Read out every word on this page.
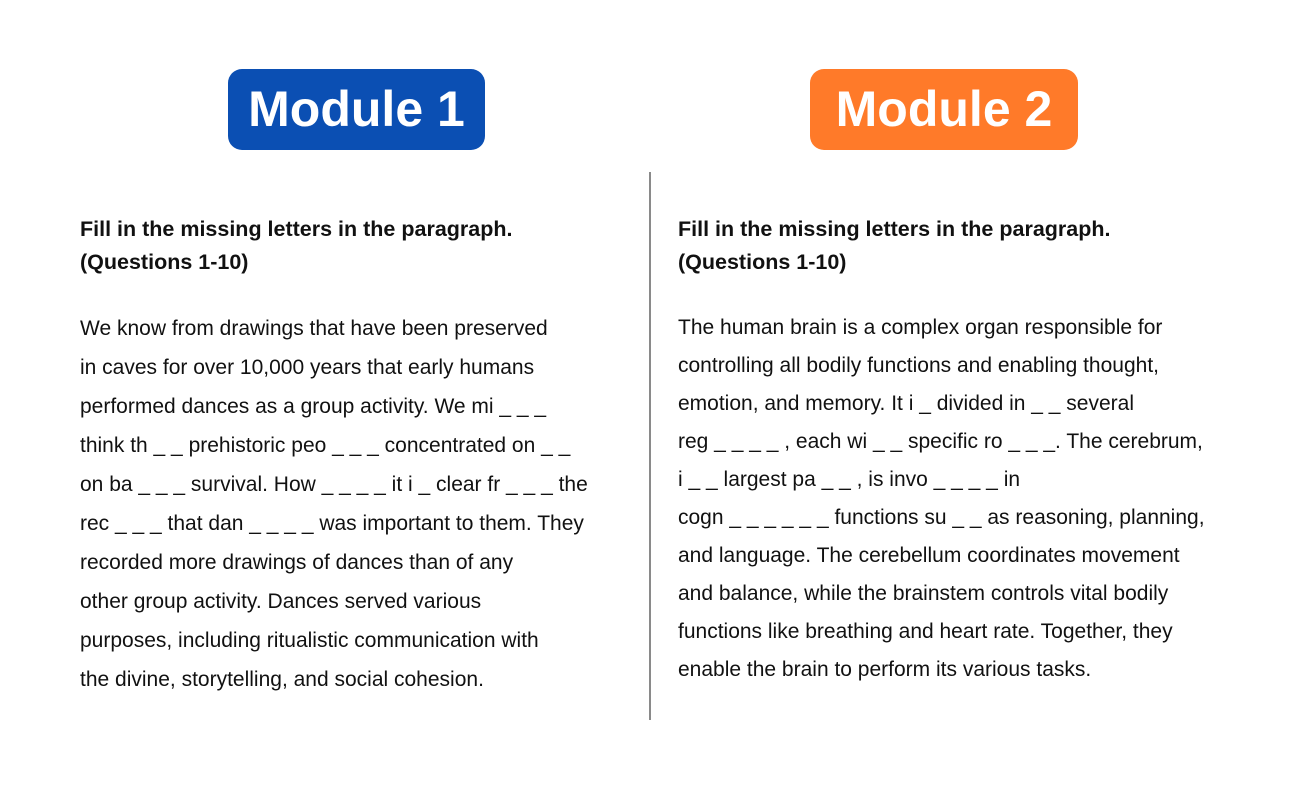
Module 1	Module 2

Fill in the missing letters in the paragraph.
(Questions 1-10)

We know from drawings that have been preserved
in caves for over 10,000 years that early humans
performed dances as a group activity. We mi _ _ _
think th _ _ prehistoric peo _ _ _ concentrated on _ _
on ba _ _ _ survival. How _ _ _ _ it i _ clear fr _ _ _ the
rec _ _ _ that dan _ _ _ _ was important to them. They
recorded more drawings of dances than of any
other group activity. Dances served various
purposes, including ritualistic communication with
the divine, storytelling, and social cohesion.

Fill in the missing letters in the paragraph.
(Questions 1-10)

The human brain is a complex organ responsible for
controlling all bodily functions and enabling thought,
emotion, and memory. It i _ divided in _ _ several
reg _ _ _ _ , each wi _ _ specific ro _ _ _. The cerebrum,
i _ _ largest pa _ _ , is invo _ _ _ _ in
cogn _ _ _ _ _ _ functions su _ _ as reasoning, planning,
and language. The cerebellum coordinates movement
and balance, while the brainstem controls vital bodily
functions like breathing and heart rate. Together, they
enable the brain to perform its various tasks.
